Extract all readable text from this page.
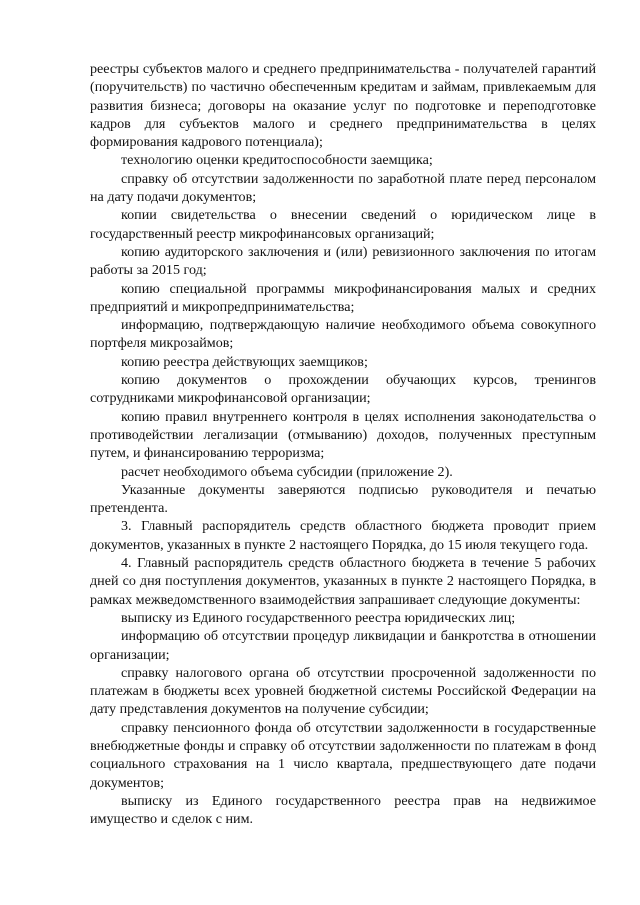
реестры субъектов малого и среднего предпринимательства - получателей гарантий (поручительств) по частично обеспеченным кредитам и займам, привлекаемым для развития бизнеса; договоры на оказание услуг по подготовке и переподготовке кадров для субъектов малого и среднего предпринимательства в целях формирования кадрового потенциала);

технологию оценки кредитоспособности заемщика;

справку об отсутствии задолженности по заработной плате перед персоналом на дату подачи документов;

копии свидетельства о внесении сведений о юридическом лице в государственный реестр микрофинансовых организаций;

копию аудиторского заключения и (или) ревизионного заключения по итогам работы за 2015 год;

копию специальной программы микрофинансирования малых и средних предприятий и микропредпринимательства;

информацию, подтверждающую наличие необходимого объема совокупного портфеля микрозаймов;

копию реестра действующих заемщиков;

копию документов о прохождении обучающих курсов, тренингов сотрудниками микрофинансовой организации;

копию правил внутреннего контроля в целях исполнения законодательства о противодействии легализации (отмыванию) доходов, полученных преступным путем, и финансированию терроризма;

расчет необходимого объема субсидии (приложение 2).

Указанные документы заверяются подписью руководителя и печатью претендента.

3. Главный распорядитель средств областного бюджета проводит прием документов, указанных в пункте 2 настоящего Порядка, до 15 июля текущего года.

4. Главный распорядитель средств областного бюджета в течение 5 рабочих дней со дня поступления документов, указанных в пункте 2 настоящего Порядка, в рамках межведомственного взаимодействия запрашивает следующие документы:

выписку из Единого государственного реестра юридических лиц;

информацию об отсутствии процедур ликвидации и банкротства в отношении организации;

справку налогового органа об отсутствии просроченной задолженности по платежам в бюджеты всех уровней бюджетной системы Российской Федерации на дату представления документов на получение субсидии;

справку пенсионного фонда об отсутствии задолженности в государственные внебюджетные фонды и справку об отсутствии задолженности по платежам в фонд социального страхования на 1 число квартала, предшествующего дате подачи документов;

выписку из Единого государственного реестра прав на недвижимое имущество и сделок с ним.
